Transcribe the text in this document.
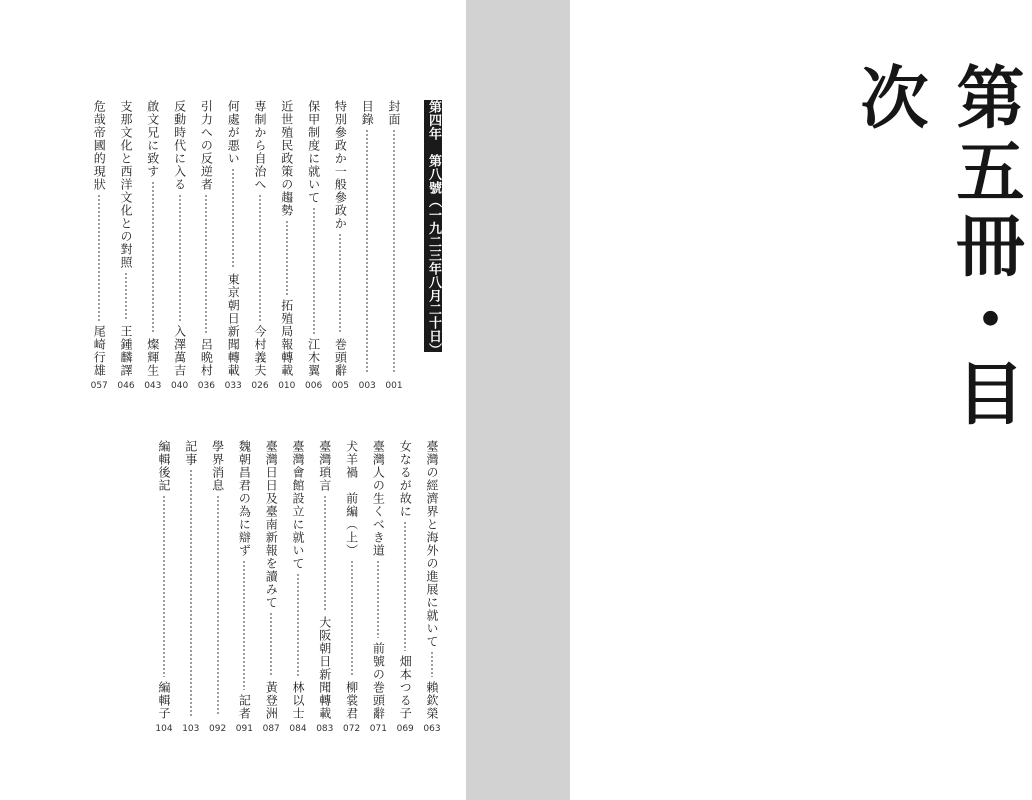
第五冊・目次
第四年　第八號（一九二三年八月二十日）
封面
001
目錄
003
特別參政か一般參政か
巻頭辭
005
保甲制度に就いて
江木翼
006
近世殖民政策の趨勢
拓殖局報轉載
010
専制から自治へ
今村義夫
026
何處が悪い
東京朝日新聞轉載
033
引力への反逆者
呂晩村
036
反動時代に入る
入澤萬吉
040
啟文兄に致す
燦輝生
043
支那文化と西洋文化との對照
王鍾麟譯
046
危哉帝國的現狀
尾崎行雄
057
臺灣の經濟界と海外の進展に就いて
賴欽榮
063
女なるが故に
畑本つる子
069
臺灣人の生くべき道
前號の巻頭辭
071
犬羊禍　前編（上）
柳裳君
072
臺灣瑣言
大阪朝日新聞轉載
083
臺灣會館設立に就いて
林以士
084
臺灣日日及臺南新報を讀みて
黃登洲
087
魏朝昌君の為に辯ず
記者
091
學界消息
092
記事
103
編輯後記
編輯子
104
